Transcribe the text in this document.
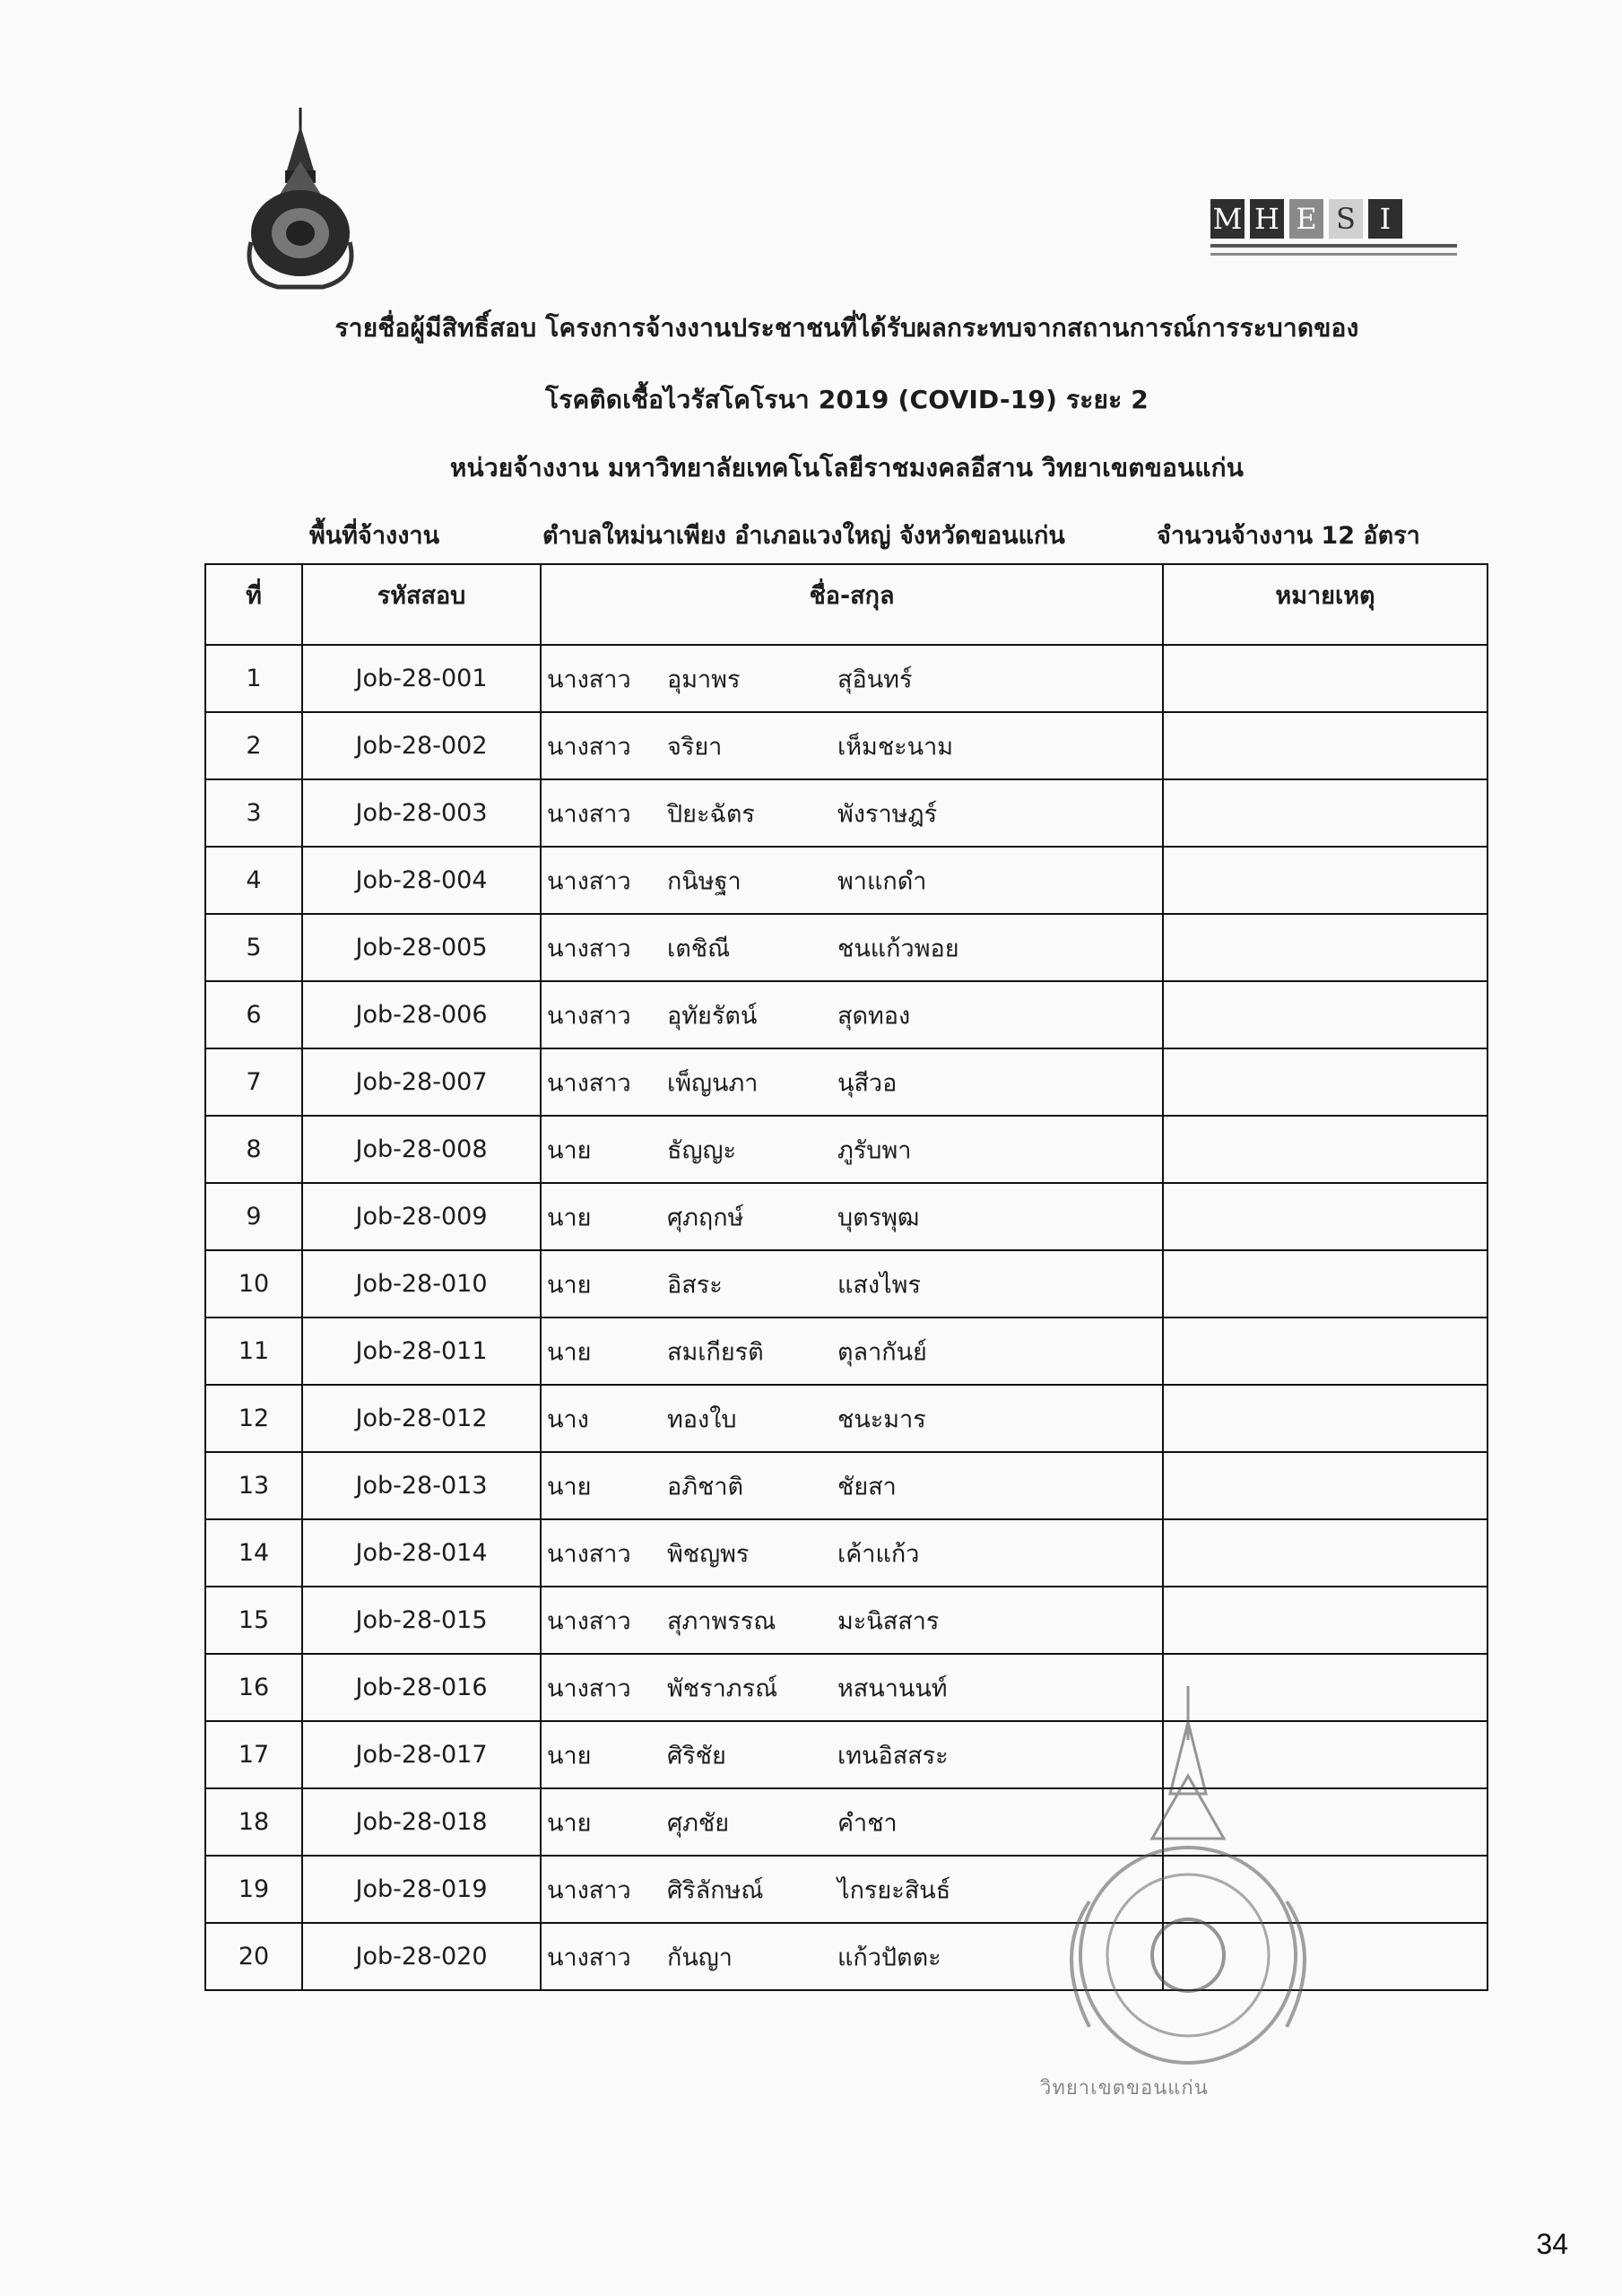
M H E S I
รายชื่อผู้มีสิทธิ์สอบ โครงการจ้างงานประชาชนที่ได้รับผลกระทบจากสถานการณ์การระบาดของ
โรคติดเชื้อไวรัสโคโรนา 2019 (COVID-19) ระยะ 2
หน่วยจ้างงาน มหาวิทยาลัยเทคโนโลยีราชมงคลอีสาน วิทยาเขตขอนแก่น
พื้นที่จ้างงาน	ตำบลใหม่นาเพียง อำเภอแวงใหญ่ จังหวัดขอนแก่น	จำนวนจ้างงาน 12 อัตรา
ที่	รหัสสอบ	ชื่อ-สกุล	หมายเหตุ
1	Job-28-001	นางสาว อุมาพร สุอินทร์	

2	Job-28-002	นางสาว จริยา เห็มชะนาม	

3	Job-28-003	นางสาว ปิยะฉัตร พังราษฎร์	

4	Job-28-004	นางสาว กนิษฐา พาแกดำ	

5	Job-28-005	นางสาว เตชิณี ชนแก้วพอย	

6	Job-28-006	นางสาว อุทัยรัตน์ สุดทอง	

7	Job-28-007	นางสาว เพ็ญนภา นุสีวอ	

8	Job-28-008	นาย ธัญญะ ภูรับพา	

9	Job-28-009	นาย ศุภฤกษ์ บุตรพุฒ	

10	Job-28-010	นาย อิสระ แสงไพร	

11	Job-28-011	นาย สมเกียรติ ตุลากันย์	

12	Job-28-012	นาง ทองใบ ชนะมาร	

13	Job-28-013	นาย อภิชาติ ชัยสา	

14	Job-28-014	นางสาว พิชญพร เค้าแก้ว	

15	Job-28-015	นางสาว สุภาพรรณ มะนิสสาร	

16	Job-28-016	นางสาว พัชราภรณ์ หสนานนท์	

17	Job-28-017	นาย ศิริชัย เทนอิสสระ	

18	Job-28-018	นาย ศุภชัย คำชา	

19	Job-28-019	นางสาว ศิริลักษณ์ ไกรยะสินธ์	

20	Job-28-020	นางสาว กันญา แก้วปัตตะ	

วิทยาเขตขอนแก่น
34
